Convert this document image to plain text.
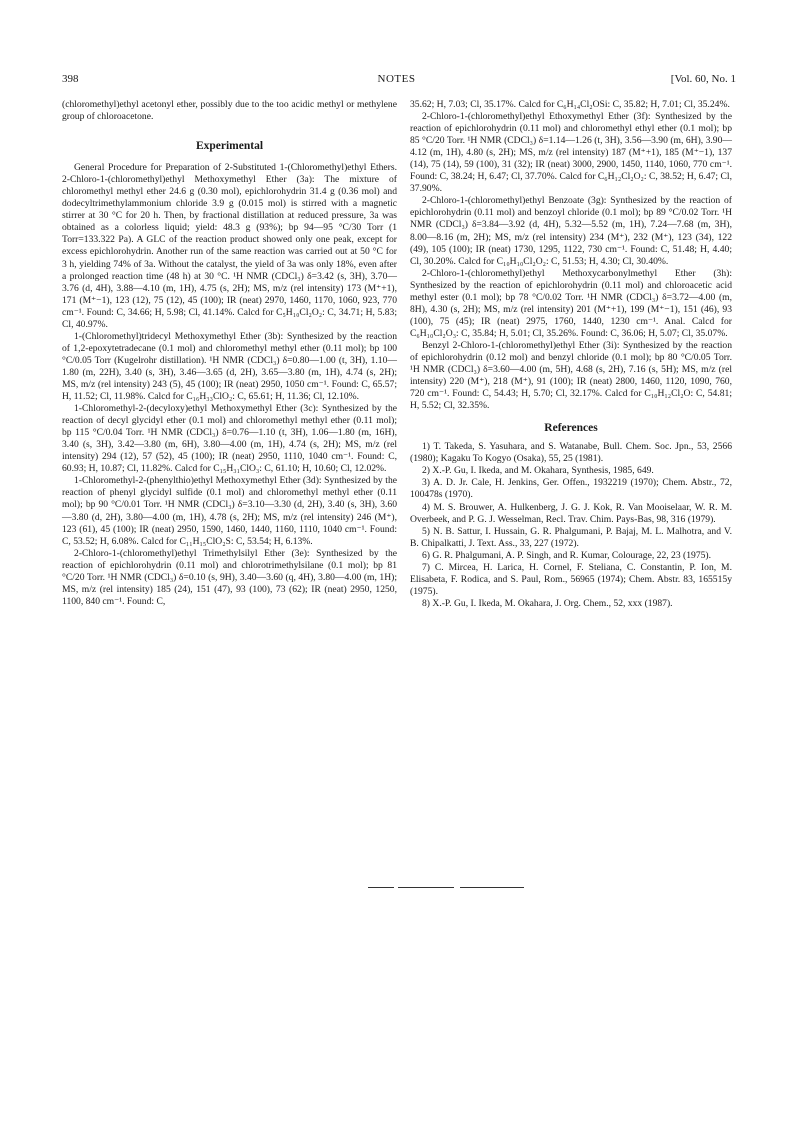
398	NOTES	[Vol. 60, No. 1

(chloromethyl)ethyl acetonyl ether, possibly due to the too acidic methyl or methylene group of chloroacetone.

Experimental

General Procedure for Preparation of 2-Substituted 1-(Chloromethyl)ethyl Ethers. 2-Chloro-1-(chloromethyl)ethyl Methoxymethyl Ether (3a): The mixture of chloromethyl methyl ether 24.6 g (0.30 mol), epichlorohydrin 31.4 g (0.36 mol) and dodecyltrimethylammonium chloride 3.9 g (0.015 mol) is stirred with a magnetic stirrer at 30 °C for 20 h. Then, by fractional distillation at reduced pressure, 3a was obtained as a colorless liquid; yield: 48.3 g (93%); bp 94—95 °C/30 Torr (1 Torr=133.322 Pa). A GLC of the reaction product showed only one peak, except for excess epichlorohydrin. Another run of the same reaction was carried out at 50 °C for 3 h, yielding 74% of 3a. Without the catalyst, the yield of 3a was only 18%, even after a prolonged reaction time (48 h) at 30 °C. ¹H NMR (CDCl₃) δ=3.42 (s, 3H), 3.70—3.76 (d, 4H), 3.88—4.10 (m, 1H), 4.75 (s, 2H); MS, m/z (rel intensity) 173 (M⁺+1), 171 (M⁺−1), 123 (12), 75 (12), 45 (100); IR (neat) 2970, 1460, 1170, 1060, 923, 770 cm⁻¹. Found: C, 34.66; H, 5.98; Cl, 41.14%. Calcd for C₅H₁₀Cl₂O₂: C, 34.71; H, 5.83; Cl, 40.97%.

1-(Chloromethyl)tridecyl Methoxymethyl Ether (3b): Synthesized by the reaction of 1,2-epoxytetradecane (0.1 mol) and chloromethyl methyl ether (0.11 mol); bp 100 °C/0.05 Torr (Kugelrohr distillation). ¹H NMR (CDCl₃) δ=0.80—1.00 (t, 3H), 1.10—1.80 (m, 22H), 3.40 (s, 3H), 3.46—3.65 (d, 2H), 3.65—3.80 (m, 1H), 4.74 (s, 2H); MS, m/z (rel intensity) 243 (5), 45 (100); IR (neat) 2950, 1050 cm⁻¹. Found: C, 65.57; H, 11.52; Cl, 11.98%. Calcd for C₁₆H₃₃ClO₂: C, 65.61; H, 11.36; Cl, 12.10%.

1-Chloromethyl-2-(decyloxy)ethyl Methoxymethyl Ether (3c): Synthesized by the reaction of decyl glycidyl ether (0.1 mol) and chloromethyl methyl ether (0.11 mol); bp 115 °C/0.04 Torr. ¹H NMR (CDCl₃) δ=0.76—1.10 (t, 3H), 1.06—1.80 (m, 16H), 3.40 (s, 3H), 3.42—3.80 (m, 6H), 3.80—4.00 (m, 1H), 4.74 (s, 2H); MS, m/z (rel intensity) 294 (12), 57 (52), 45 (100); IR (neat) 2950, 1110, 1040 cm⁻¹. Found: C, 60.93; H, 10.87; Cl, 11.82%. Calcd for C₁₅H₃₁ClO₃: C, 61.10; H, 10.60; Cl, 12.02%.

1-Chloromethyl-2-(phenylthio)ethyl Methoxymethyl Ether (3d): Synthesized by the reaction of phenyl glycidyl sulfide (0.1 mol) and chloromethyl methyl ether (0.11 mol); bp 90 °C/0.01 Torr. ¹H NMR (CDCl₃) δ=3.10—3.30 (d, 2H), 3.40 (s, 3H), 3.60—3.80 (d, 2H), 3.80—4.00 (m, 1H), 4.78 (s, 2H); MS, m/z (rel intensity) 246 (M⁺), 123 (61), 45 (100); IR (neat) 2950, 1590, 1460, 1440, 1160, 1110, 1040 cm⁻¹. Found: C, 53.52; H, 6.08%. Calcd for C₁₁H₁₅ClO₂S: C, 53.54; H, 6.13%.

2-Chloro-1-(chloromethyl)ethyl Trimethylsilyl Ether (3e): Synthesized by the reaction of epichlorohydrin (0.11 mol) and chlorotrimethylsilane (0.1 mol); bp 81 °C/20 Torr. ¹H NMR (CDCl₃) δ=0.10 (s, 9H), 3.40—3.60 (q, 4H), 3.80—4.00 (m, 1H); MS, m/z (rel intensity) 185 (24), 151 (47), 93 (100), 73 (62); IR (neat) 2950, 1250, 1100, 840 cm⁻¹. Found: C,

35.62; H, 7.03; Cl, 35.17%. Calcd for C₆H₁₄Cl₂OSi: C, 35.82; H, 7.01; Cl, 35.24%.

2-Chloro-1-(chloromethyl)ethyl Ethoxymethyl Ether (3f): Synthesized by the reaction of epichlorohydrin (0.11 mol) and chloromethyl ethyl ether (0.1 mol); bp 85 °C/20 Torr. ¹H NMR (CDCl₃) δ=1.14—1.26 (t, 3H), 3.56—3.90 (m, 6H), 3.90—4.12 (m, 1H), 4.80 (s, 2H); MS, m/z (rel intensity) 187 (M⁺+1), 185 (M⁺−1), 137 (14), 75 (14), 59 (100), 31 (32); IR (neat) 3000, 2900, 1450, 1140, 1060, 770 cm⁻¹. Found: C, 38.24; H, 6.47; Cl, 37.70%. Calcd for C₆H₁₂Cl₂O₂: C, 38.52; H, 6.47; Cl, 37.90%.

2-Chloro-1-(chloromethyl)ethyl Benzoate (3g): Synthesized by the reaction of epichlorohydrin (0.11 mol) and benzoyl chloride (0.1 mol); bp 89 °C/0.02 Torr. ¹H NMR (CDCl₃) δ=3.84—3.92 (d, 4H), 5.32—5.52 (m, 1H), 7.24—7.68 (m, 3H), 8.00—8.16 (m, 2H); MS, m/z (rel intensity) 234 (M⁺), 232 (M⁺), 123 (34), 122 (49), 105 (100); IR (neat) 1730, 1295, 1122, 730 cm⁻¹. Found: C, 51.48; H, 4.40; Cl, 30.20%. Calcd for C₁₀H₁₀Cl₂O₂: C, 51.53; H, 4.30; Cl, 30.40%.

2-Chloro-1-(chloromethyl)ethyl Methoxycarbonylmethyl Ether (3h): Synthesized by the reaction of epichlorohydrin (0.11 mol) and chloroacetic acid methyl ester (0.1 mol); bp 78 °C/0.02 Torr. ¹H NMR (CDCl₃) δ=3.72—4.00 (m, 8H), 4.30 (s, 2H); MS, m/z (rel intensity) 201 (M⁺+1), 199 (M⁺−1), 151 (46), 93 (100), 75 (45); IR (neat) 2975, 1760, 1440, 1230 cm⁻¹. Anal. Calcd for C₆H₁₀Cl₂O₃: C, 35.84; H, 5.01; Cl, 35.26%. Found: C, 36.06; H, 5.07; Cl, 35.07%.

Benzyl 2-Chloro-1-(chloromethyl)ethyl Ether (3i): Synthesized by the reaction of epichlorohydrin (0.12 mol) and benzyl chloride (0.1 mol); bp 80 °C/0.05 Torr. ¹H NMR (CDCl₃) δ=3.60—4.00 (m, 5H), 4.68 (s, 2H), 7.16 (s, 5H); MS, m/z (rel intensity) 220 (M⁺), 218 (M⁺), 91 (100); IR (neat) 2800, 1460, 1120, 1090, 760, 720 cm⁻¹. Found: C, 54.43; H, 5.70; Cl, 32.17%. Calcd for C₁₀H₁₂Cl₂O: C, 54.81; H, 5.52; Cl, 32.35%.

References

1) T. Takeda, S. Yasuhara, and S. Watanabe, Bull. Chem. Soc. Jpn., 53, 2566 (1980); Kagaku To Kogyo (Osaka), 55, 25 (1981).

2) X.-P. Gu, I. Ikeda, and M. Okahara, Synthesis, 1985, 649.

3) A. D. Jr. Cale, H. Jenkins, Ger. Offen., 1932219 (1970); Chem. Abstr., 72, 100478s (1970).

4) M. S. Brouwer, A. Hulkenberg, J. G. J. Kok, R. Van Mooiselaar, W. R. M. Overbeek, and P. G. J. Wesselman, Recl. Trav. Chim. Pays-Bas, 98, 316 (1979).

5) N. B. Sattur, I. Hussain, G. R. Phalgumani, P. Bajaj, M. L. Malhotra, and V. B. Chipalkatti, J. Text. Ass., 33, 227 (1972).

6) G. R. Phalgumani, A. P. Singh, and R. Kumar, Colourage, 22, 23 (1975).

7) C. Mircea, H. Larica, H. Cornel, F. Steliana, C. Constantin, P. Ion, M. Elisabeta, F. Rodica, and S. Paul, Rom., 56965 (1974); Chem. Abstr. 83, 165515y (1975).

8) X.-P. Gu, I. Ikeda, M. Okahara, J. Org. Chem., 52, xxx (1987).
